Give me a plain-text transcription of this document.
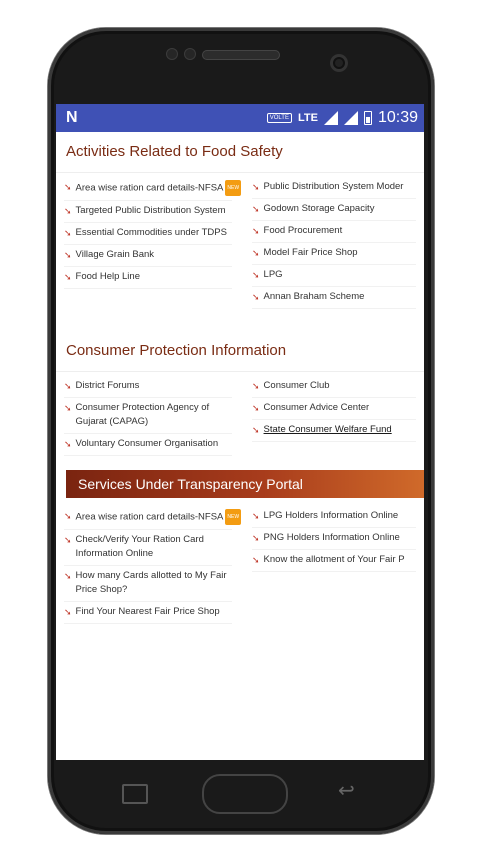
N	VOLTE LTE	10:39
Activities Related to Food Safety
➘ Area wise ration card details-NFSA NEW
➘ Targeted Public Distribution System
➘ Essential Commodities under TDPS
➘ Village Grain Bank
➘ Food Help Line
➘ Public Distribution System Moder
➘ Godown Storage Capacity
➘ Food Procurement
➘ Model Fair Price Shop
➘ LPG
➘ Annan Braham Scheme
Consumer Protection Information
➘ District Forums
➘ Consumer Protection Agency of Gujarat (CAPAG)
➘ Voluntary Consumer Organisation
➘ Consumer Club
➘ Consumer Advice Center
➘ State Consumer Welfare Fund
Services Under Transparency Portal
➘ Area wise ration card details-NFSA NEW
➘ Check/Verify Your Ration Card Information Online
➘ How many Cards allotted to My Fair Price Shop?
➘ Find Your Nearest Fair Price Shop
➘ LPG Holders Information Online
➘ PNG Holders Information Online
➘ Know the allotment of Your Fair P
↩
